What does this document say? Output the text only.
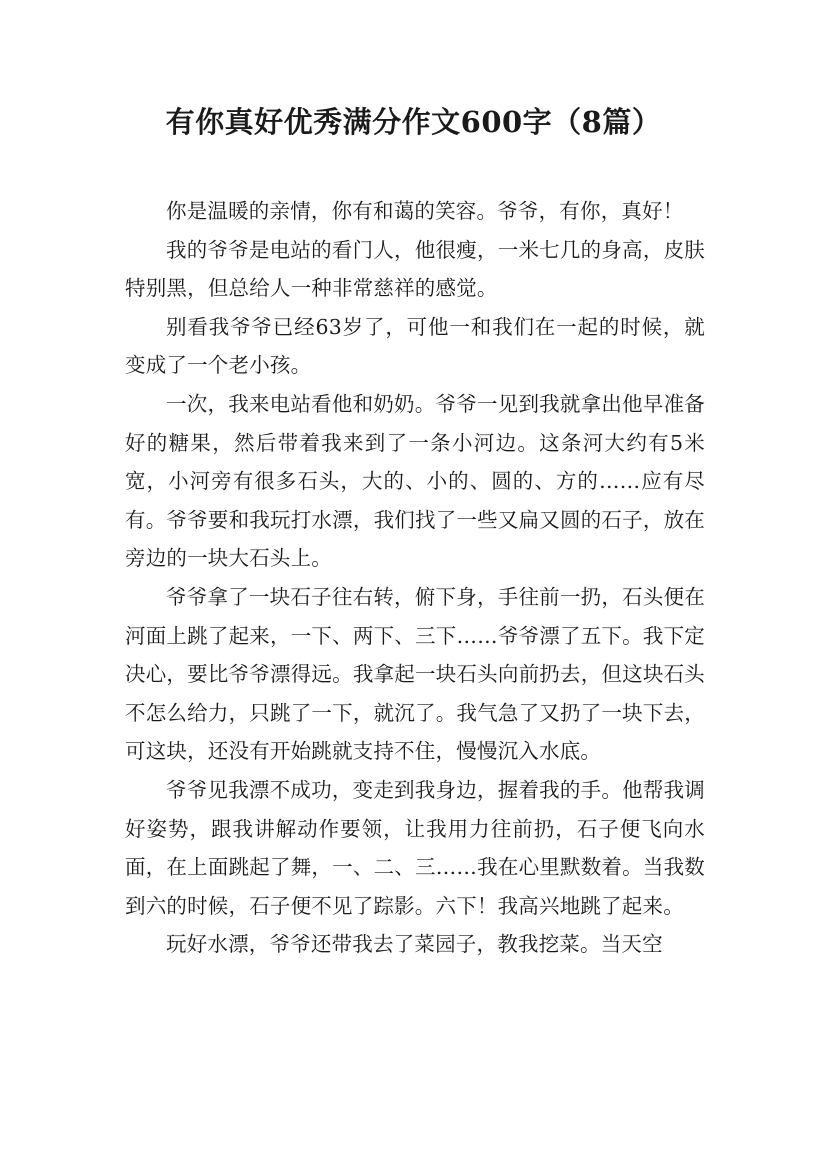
有你真好优秀满分作文600字（8篇）

你是温暖的亲情，你有和蔼的笑容。爷爷，有你，真好！

我的爷爷是电站的看门人，他很瘦，一米七几的身高，皮肤特别黑，但总给人一种非常慈祥的感觉。

别看我爷爷已经63岁了，可他一和我们在一起的时候，就变成了一个老小孩。

一次，我来电站看他和奶奶。爷爷一见到我就拿出他早准备好的糖果，然后带着我来到了一条小河边。这条河大约有5米宽，小河旁有很多石头，大的、小的、圆的、方的……应有尽有。爷爷要和我玩打水漂，我们找了一些又扁又圆的石子，放在旁边的一块大石头上。

爷爷拿了一块石子往右转，俯下身，手往前一扔，石头便在河面上跳了起来，一下、两下、三下……爷爷漂了五下。我下定决心，要比爷爷漂得远。我拿起一块石头向前扔去，但这块石头不怎么给力，只跳了一下，就沉了。我气急了又扔了一块下去，可这块，还没有开始跳就支持不住，慢慢沉入水底。

爷爷见我漂不成功，变走到我身边，握着我的手。他帮我调好姿势，跟我讲解动作要领，让我用力往前扔，石子便飞向水面，在上面跳起了舞，一、二、三……我在心里默数着。当我数到六的时候，石子便不见了踪影。六下！我高兴地跳了起来。

玩好水漂，爷爷还带我去了菜园子，教我挖菜。当天空
